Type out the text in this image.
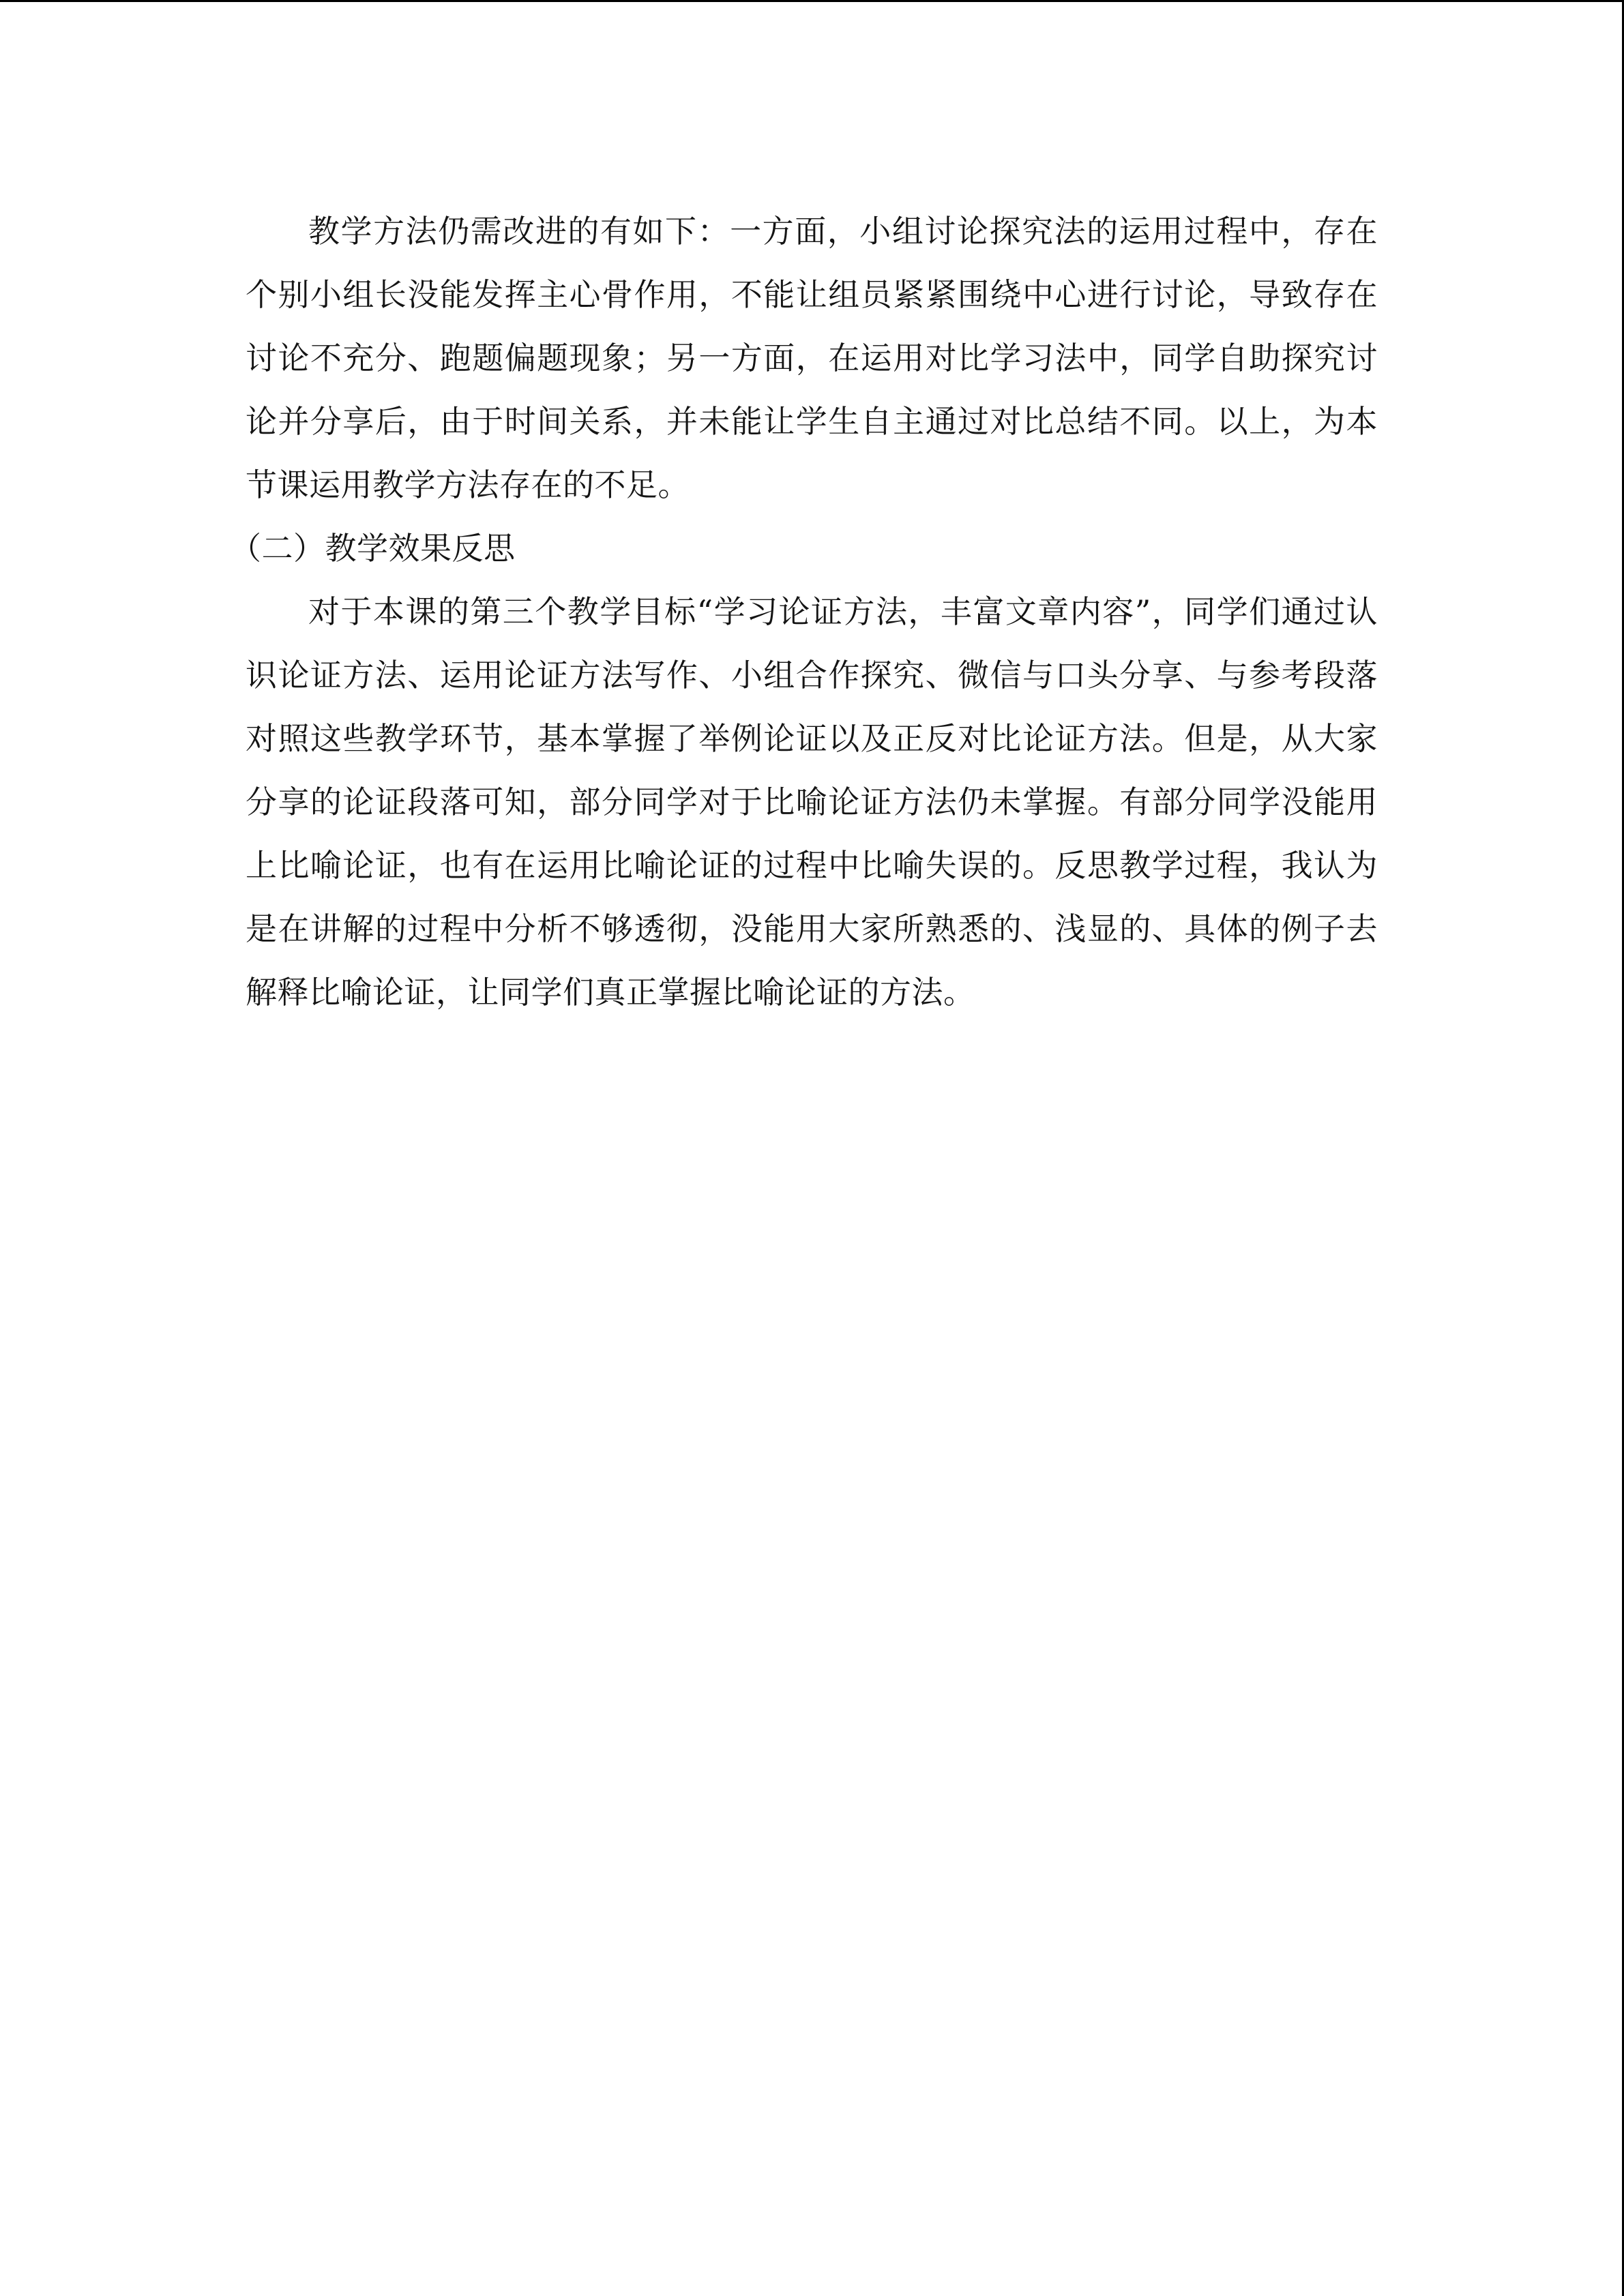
教学方法仍需改进的有如下：一方面，小组讨论探究法的运用过程中，存在个别小组长没能发挥主心骨作用，不能让组员紧紧围绕中心进行讨论，导致存在讨论不充分、跑题偏题现象；另一方面，在运用对比学习法中，同学自助探究讨论并分享后，由于时间关系，并未能让学生自主通过对比总结不同。以上，为本节课运用教学方法存在的不足。

（二）教学效果反思

对于本课的第三个教学目标“学习论证方法，丰富文章内容”，同学们通过认识论证方法、运用论证方法写作、小组合作探究、微信与口头分享、与参考段落对照这些教学环节，基本掌握了举例论证以及正反对比论证方法。但是，从大家分享的论证段落可知，部分同学对于比喻论证方法仍未掌握。有部分同学没能用上比喻论证，也有在运用比喻论证的过程中比喻失误的。反思教学过程，我认为是在讲解的过程中分析不够透彻，没能用大家所熟悉的、浅显的、具体的例子去解释比喻论证，让同学们真正掌握比喻论证的方法。
